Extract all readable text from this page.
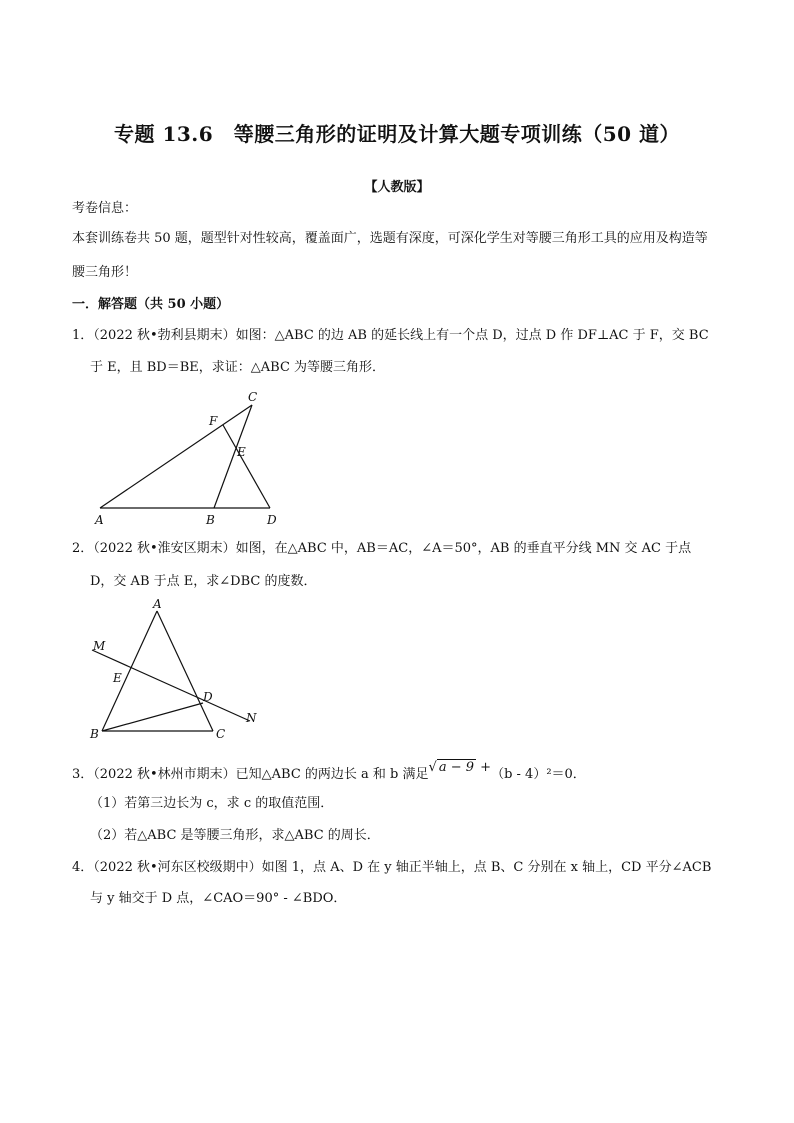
专题 13.6　等腰三角形的证明及计算大题专项训练（50 道）
【人教版】
考卷信息：
本套训练卷共 50 题，题型针对性较高，覆盖面广，选题有深度，可深化学生对等腰三角形工具的应用及构造等
腰三角形！
一．解答题（共 50 小题）
1．（2022 秋•勃利县期末）如图：△ABC 的边 AB 的延长线上有一个点 D，过点 D 作 DF⊥AC 于 F，交 BC
于 E，且 BD＝BE，求证：△ABC 为等腰三角形．
A	B
C
D
E
F
2．（2022 秋•淮安区期末）如图，在△ABC 中，AB＝AC，∠A＝50°，AB 的垂直平分线 MN 交 AC 于点
D，交 AB 于点 E，求∠DBC 的度数．
A
B	C
D
E
M
N
3．（2022 秋•林州市期末）已知△ABC 的两边长 a 和 b 满足√ a − 9 +（b - 4）²＝0．
（1）若第三边长为 c，求 c 的取值范围．
（2）若△ABC 是等腰三角形，求△ABC 的周长．
4．（2022 秋•河东区校级期中）如图 1，点 A、D 在 y 轴正半轴上，点 B、C 分别在 x 轴上，CD 平分∠ACB
与 y 轴交于 D 点，∠CAO＝90° - ∠BDO．
